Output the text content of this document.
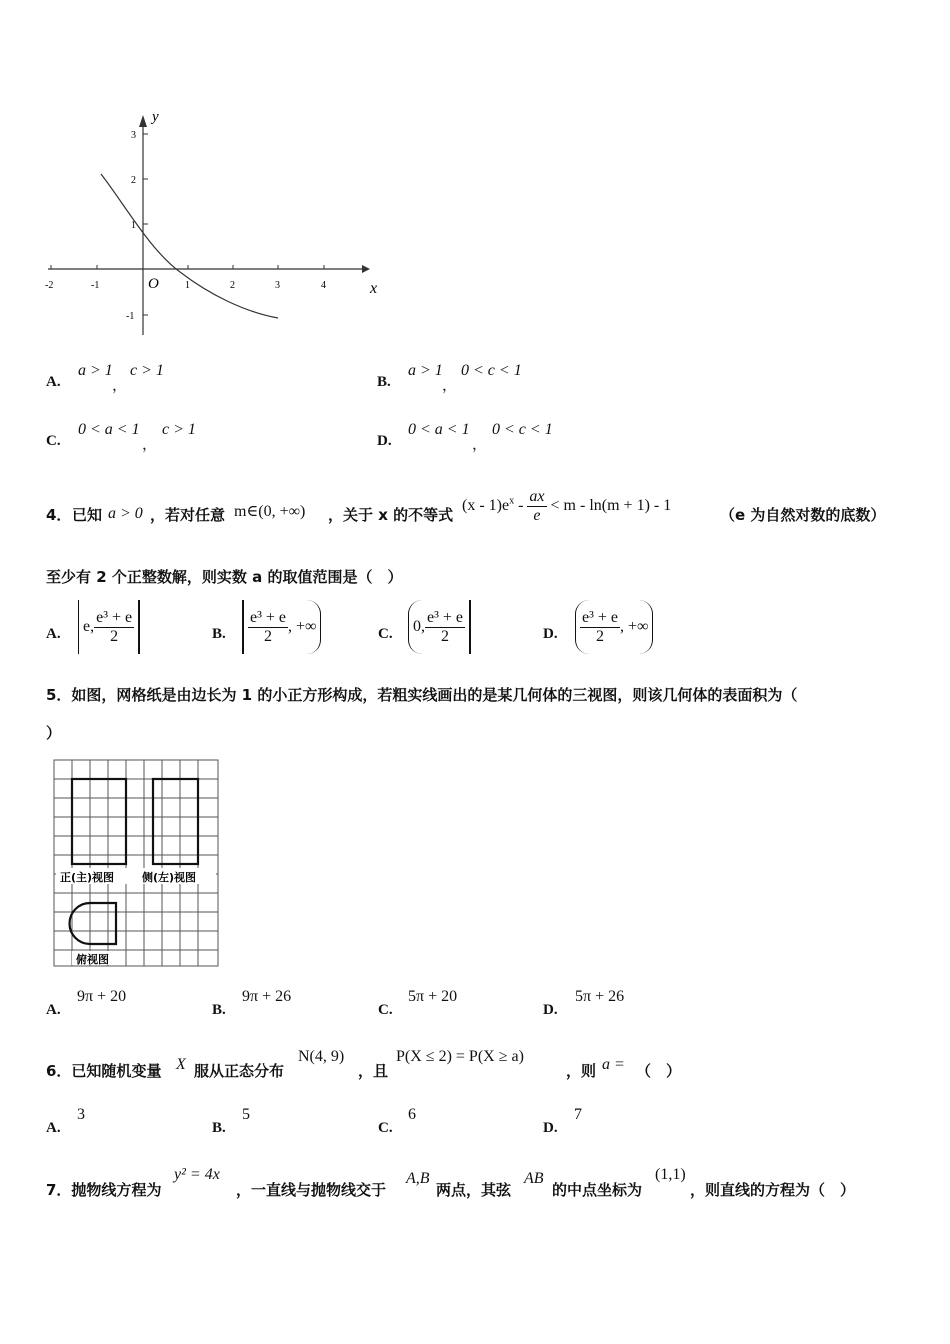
-2	-1	1	2	3	4
3
2
1
-1
O	x
y
A.
a > 1
，
c > 1
B.
a > 1
，
0 < c < 1
C.
0 < a < 1
，
c > 1
D.
0 < a < 1
，
0 < c < 1
4． 已知 a > 0 ，若对任意 m∈(0, +∞) ，关于 x 的不等式
$(x - 1)e^x - \frac{ax}{e} < m - \ln(m + 1) - 1$
（e 为自然对数的底数）
至少有 2 个正整数解，则实数 a 的取值范围是（　）
A. e, $\frac{\text{e³ + e}}{2}$	B. $\frac{\text{e³ + e}}{2}$ , +∞	C. 0, $\frac{\text{e³ + e}}{2}$	D. $\frac{\text{e³ + e}}{2}$ , +∞
5．如图，网格纸是由边长为 1 的小正方形构成，若粗实线画出的是某几何体的三视图，则该几何体的表面积为（
）
正(主)视图	侧(左)视图
俯视图
A.
9π + 20
B.
9π + 26
C.
5π + 20
D.
5π + 26
6．已知随机变量 X 服从正态分布
N(4, 9)
，且
P(X ≤ 2) = P(X ≥ a)
，则 a = （　）
A.
3
B.
5
C.
6
D.
7
7．抛物线方程为
y² = 4x
，一直线与抛物线交于
A,B
两点，其弦
AB
的中点坐标为
(1,1)
，则直线的方程为（　）
